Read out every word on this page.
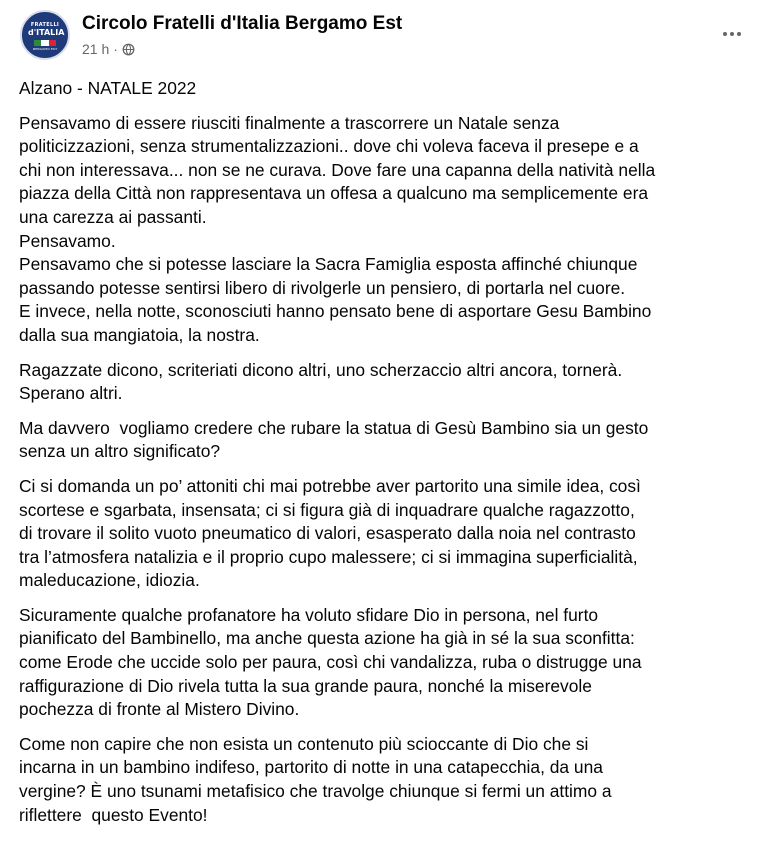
FRATELLI
d'ITALIA
BERGAMO EST
Circolo Fratelli d'Italia Bergamo Est
21 h ·
Alzano - NATALE 2022
Pensavamo di essere riusciti finalmente a trascorrere un Natale senza
politicizzazioni, senza strumentalizzazioni.. dove chi voleva faceva il presepe e a
chi non interessava... non se ne curava. Dove fare una capanna della natività nella
piazza della Città non rappresentava un offesa a qualcuno ma semplicemente era
una carezza ai passanti.
Pensavamo.
Pensavamo che si potesse lasciare la Sacra Famiglia esposta affinché chiunque
passando potesse sentirsi libero di rivolgerle un pensiero, di portarla nel cuore.
E invece, nella notte, sconosciuti hanno pensato bene di asportare Gesu Bambino
dalla sua mangiatoia, la nostra.
Ragazzate dicono, scriteriati dicono altri, uno scherzaccio altri ancora, tornerà.
Sperano altri.
Ma davvero  vogliamo credere che rubare la statua di Gesù Bambino sia un gesto
senza un altro significato?
Ci si domanda un po’ attoniti chi mai potrebbe aver partorito una simile idea, così
scortese e sgarbata, insensata; ci si figura già di inquadrare qualche ragazzotto,
di trovare il solito vuoto pneumatico di valori, esasperato dalla noia nel contrasto
tra l’atmosfera natalizia e il proprio cupo malessere; ci si immagina superficialità,
maleducazione, idiozia.
Sicuramente qualche profanatore ha voluto sfidare Dio in persona, nel furto
pianificato del Bambinello, ma anche questa azione ha già in sé la sua sconfitta:
come Erode che uccide solo per paura, così chi vandalizza, ruba o distrugge una
raffigurazione di Dio rivela tutta la sua grande paura, nonché la miserevole
pochezza di fronte al Mistero Divino.
Come non capire che non esista un contenuto più scioccante di Dio che si
incarna in un bambino indifeso, partorito di notte in una catapecchia, da una
vergine? È uno tsunami metafisico che travolge chiunque si fermi un attimo a
riflettere  questo Evento!
